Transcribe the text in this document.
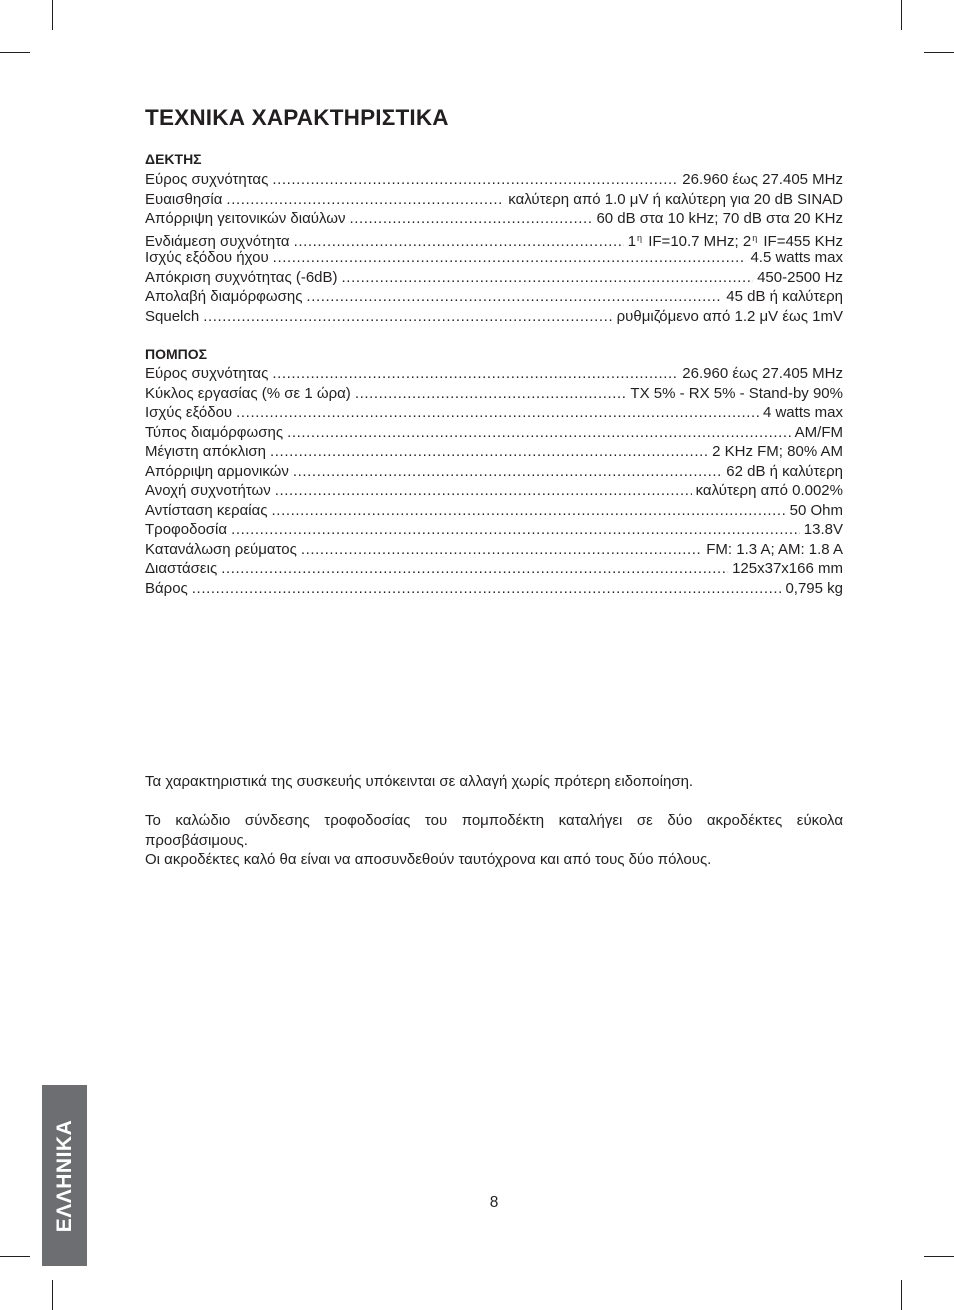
ΤΕΧΝΙΚΑ ΧΑΡΑΚΤΗΡΙΣΤΙΚΑ
ΔΕΚΤΗΣ
Εύρος συχνότητας .....	26.960 έως 27.405 MHz
Ευαισθησία .....	καλύτερη από 1.0 μV ή καλύτερη για 20 dB SINAD
Απόρριψη γειτονικών διαύλων .....	60 dB στα 10 kHz; 70 dB στα 20 KHz
Ενδιάμεση συχνότητα .....	$1^\eta$ IF=10.7 MHz; $2^\eta$ IF=455 KHz
Ισχύς εξόδου ήχου .....	4.5 watts max
Απόκριση συχνότητας (-6dB) .....	450-2500 Hz
Απολαβή διαμόρφωσης .....	45 dB ή καλύτερη
Squelch .....	ρυθμιζόμενο από 1.2 μV έως 1mV
ΠΟΜΠΟΣ
Εύρος συχνότητας .....	26.960 έως 27.405 MHz
Κύκλος εργασίας (% σε 1 ώρα) .....	TX 5% - RX 5% - Stand-by 90%
Ισχύς εξόδου .....	4 watts max
Τύπος διαμόρφωσης .....	AM/FM
Μέγιστη απόκλιση .....	2 KHz FM; 80% AM
Απόρριψη αρμονικών .....	62 dB ή καλύτερη
Ανοχή συχνοτήτων .....	καλύτερη από 0.002%
Αντίσταση κεραίας .....	50 Ohm
Τροφοδοσία .....	13.8V
Κατανάλωση ρεύματος .....	FM: 1.3 A; AM: 1.8 A
Διαστάσεις .....	125x37x166 mm
Βάρος .....	0,795 kg

Τα χαρακτηριστικά της συσκευής υπόκεινται σε αλλαγή χωρίς πρότερη ειδοποίηση.

Το καλώδιο σύνδεσης τροφοδοσίας του πομποδέκτη καταλήγει σε δύο ακροδέκτες εύκολα
προσβάσιμους.
Οι ακροδέκτες καλό θα είναι να αποσυνδεθούν ταυτόχρονα και από τους δύο πόλους.

ΕΛΛΗΝΙΚΑ	8
